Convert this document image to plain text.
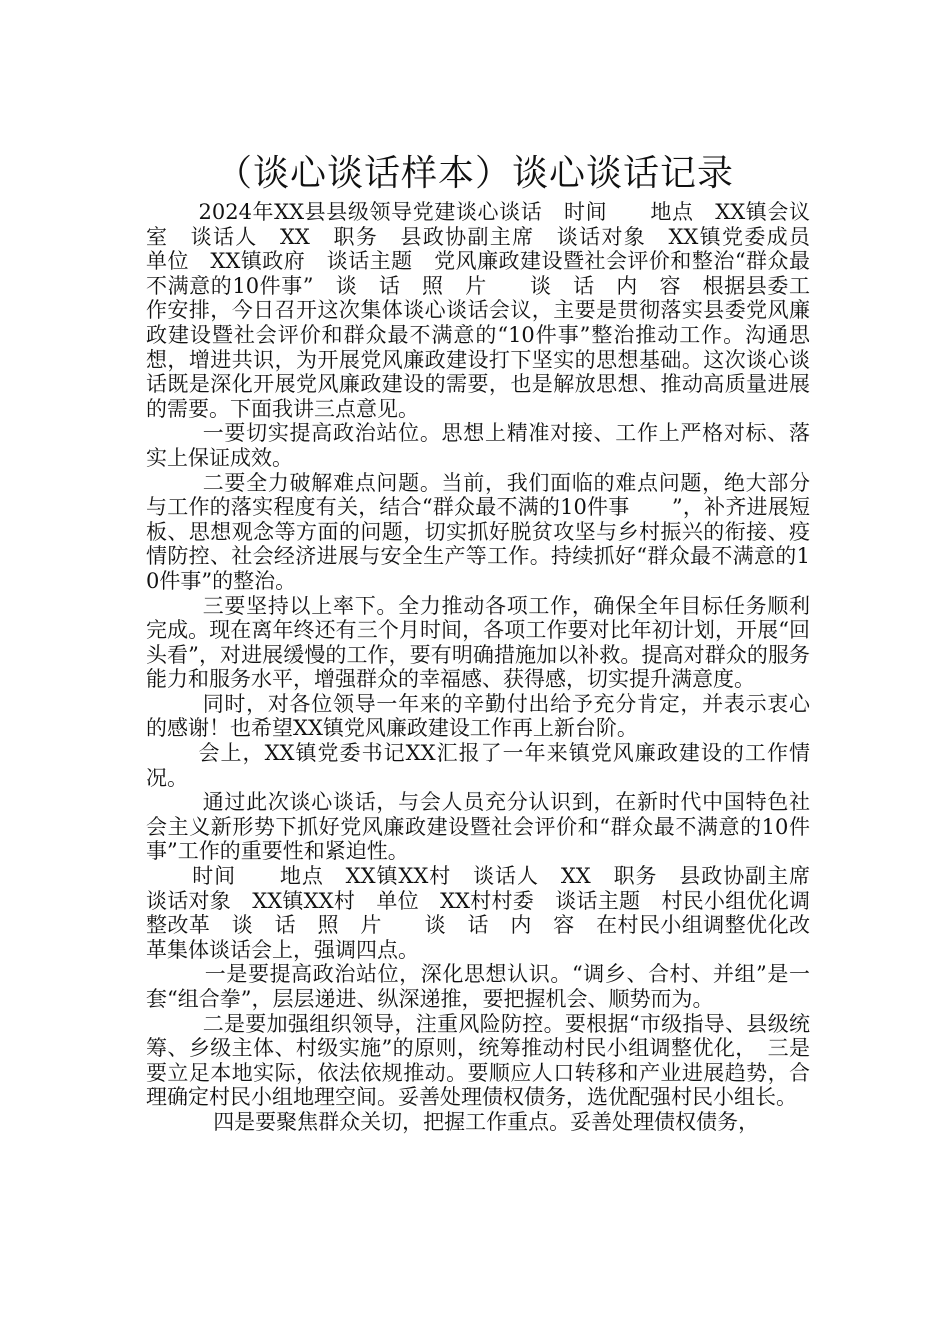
（谈心谈话样本）谈心谈话记录

2024年XX县县级领导党建谈心谈话　时间　　地点　XX镇会议室　谈话人　XX　职务　县政协副主席　谈话对象　XX镇党委成员　单位　XX镇政府　谈话主题　党风廉政建设暨社会评价和整治“群众最不满意的10件事”　谈　话　照　片　　谈　话　内　容　根据县委工作安排，今日召开这次集体谈心谈话会议，主要是贯彻落实县委党风廉政建设暨社会评价和群众最不满意的“10件事”整治推动工作。沟通思想，增进共识，为开展党风廉政建设打下坚实的思想基础。这次谈心谈话既是深化开展党风廉政建设的需要，也是解放思想、推动高质量进展的需要。下面我讲三点意见。

一要切实提高政治站位。思想上精准对接、工作上严格对标、落实上保证成效。

二要全力破解难点问题。当前，我们面临的难点问题，绝大部分与工作的落实程度有关，结合“群众最不满的10件事　　”，补齐进展短板、思想观念等方面的问题，切实抓好脱贫攻坚与乡村振兴的衔接、疫情防控、社会经济进展与安全生产等工作。持续抓好“群众最不满意的10件事”的整治。

三要坚持以上率下。全力推动各项工作，确保全年目标任务顺利完成。现在离年终还有三个月时间，各项工作要对比年初计划，开展“回头看”，对进展缓慢的工作，要有明确措施加以补救。提高对群众的服务能力和服务水平，增强群众的幸福感、获得感，切实提升满意度。

同时，对各位领导一年来的辛勤付出给予充分肯定，并表示衷心的感谢！也希望XX镇党风廉政建设工作再上新台阶。

会上，XX镇党委书记XX汇报了一年来镇党风廉政建设的工作情况。

通过此次谈心谈话，与会人员充分认识到，在新时代中国特色社会主义新形势下抓好党风廉政建设暨社会评价和“群众最不满意的10件事”工作的重要性和紧迫性。

时间　　地点　XX镇XX村　谈话人　XX　职务　县政协副主席　谈话对象　XX镇XX村　单位　XX村村委　谈话主题　村民小组优化调整改革　谈　话　照　片　　谈　话　内　容　在村民小组调整优化改革集体谈话会上，强调四点。

一是要提高政治站位，深化思想认识。“调乡、合村、并组”是一套“组合拳”，层层递进、纵深递推，要把握机会、顺势而为。

二是要加强组织领导，注重风险防控。要根据“市级指导、县级统筹、乡级主体、村级实施”的原则，统筹推动村民小组调整优化，　三是要立足本地实际，依法依规推动。要顺应人口转移和产业进展趋势，合理确定村民小组地理空间。妥善处理债权债务，选优配强村民小组长。

四是要聚焦群众关切，把握工作重点。妥善处理债权债务，
